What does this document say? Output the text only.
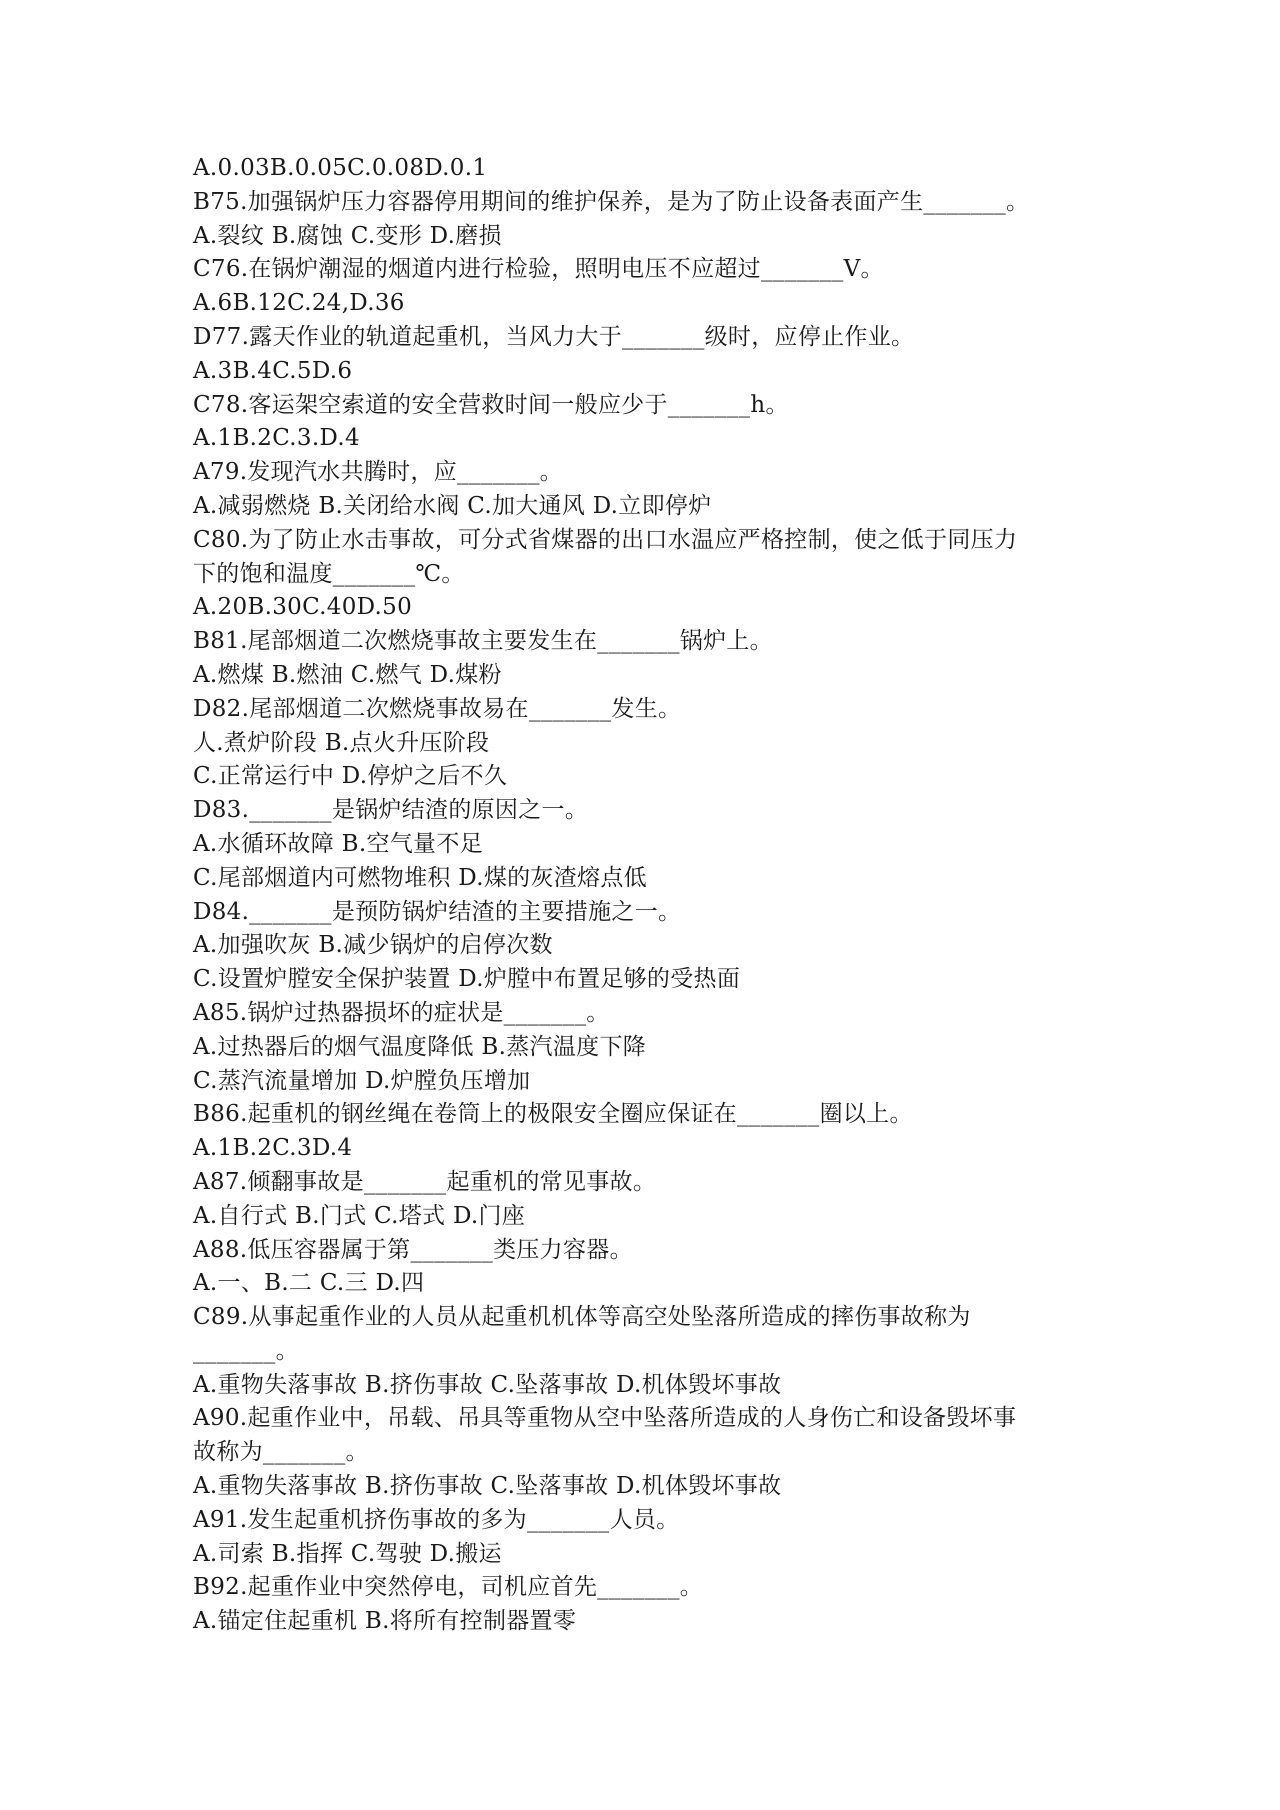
A.0.03B.0.05C.0.08D.0.1
B75.加强锅炉压力容器停用期间的维护保养，是为了防止设备表面产生_______。
A.裂纹 B.腐蚀 C.变形 D.磨损
C76.在锅炉潮湿的烟道内进行检验，照明电压不应超过_______V。
A.6B.12C.24,D.36
D77.露天作业的轨道起重机，当风力大于_______级时，应停止作业。
A.3B.4C.5D.6
C78.客运架空索道的安全营救时间一般应少于_______h。
A.1B.2C.3.D.4
A79.发现汽水共腾时，应_______。
A.减弱燃烧 B.关闭给水阀 C.加大通风 D.立即停炉
C80.为了防止水击事故，可分式省煤器的出口水温应严格控制，使之低于同压力
下的饱和温度_______℃。
A.20B.30C.40D.50
B81.尾部烟道二次燃烧事故主要发生在_______锅炉上。
A.燃煤 B.燃油 C.燃气 D.煤粉
D82.尾部烟道二次燃烧事故易在_______发生。
人.煮炉阶段 B.点火升压阶段
C.正常运行中 D.停炉之后不久
D83._______是锅炉结渣的原因之一。
A.水循环故障 B.空气量不足
C.尾部烟道内可燃物堆积 D.煤的灰渣熔点低
D84._______是预防锅炉结渣的主要措施之一。
A.加强吹灰 B.减少锅炉的启停次数
C.设置炉膛安全保护装置 D.炉膛中布置足够的受热面
A85.锅炉过热器损坏的症状是_______。
A.过热器后的烟气温度降低 B.蒸汽温度下降
C.蒸汽流量增加 D.炉膛负压增加
B86.起重机的钢丝绳在卷筒上的极限安全圈应保证在_______圈以上。
A.1B.2C.3D.4
A87.倾翻事故是_______起重机的常见事故。
A.自行式 B.门式 C.塔式 D.门座
A88.低压容器属于第_______类压力容器。
A.一、B.二 C.三 D.四
C89.从事起重作业的人员从起重机机体等高空处坠落所造成的摔伤事故称为
_______。
A.重物失落事故 B.挤伤事故 C.坠落事故 D.机体毁坏事故
A90.起重作业中，吊载、吊具等重物从空中坠落所造成的人身伤亡和设备毁坏事
故称为_______。
A.重物失落事故 B.挤伤事故 C.坠落事故 D.机体毁坏事故
A91.发生起重机挤伤事故的多为_______人员。
A.司索 B.指挥 C.驾驶 D.搬运
B92.起重作业中突然停电，司机应首先_______。
A.锚定住起重机 B.将所有控制器置零
